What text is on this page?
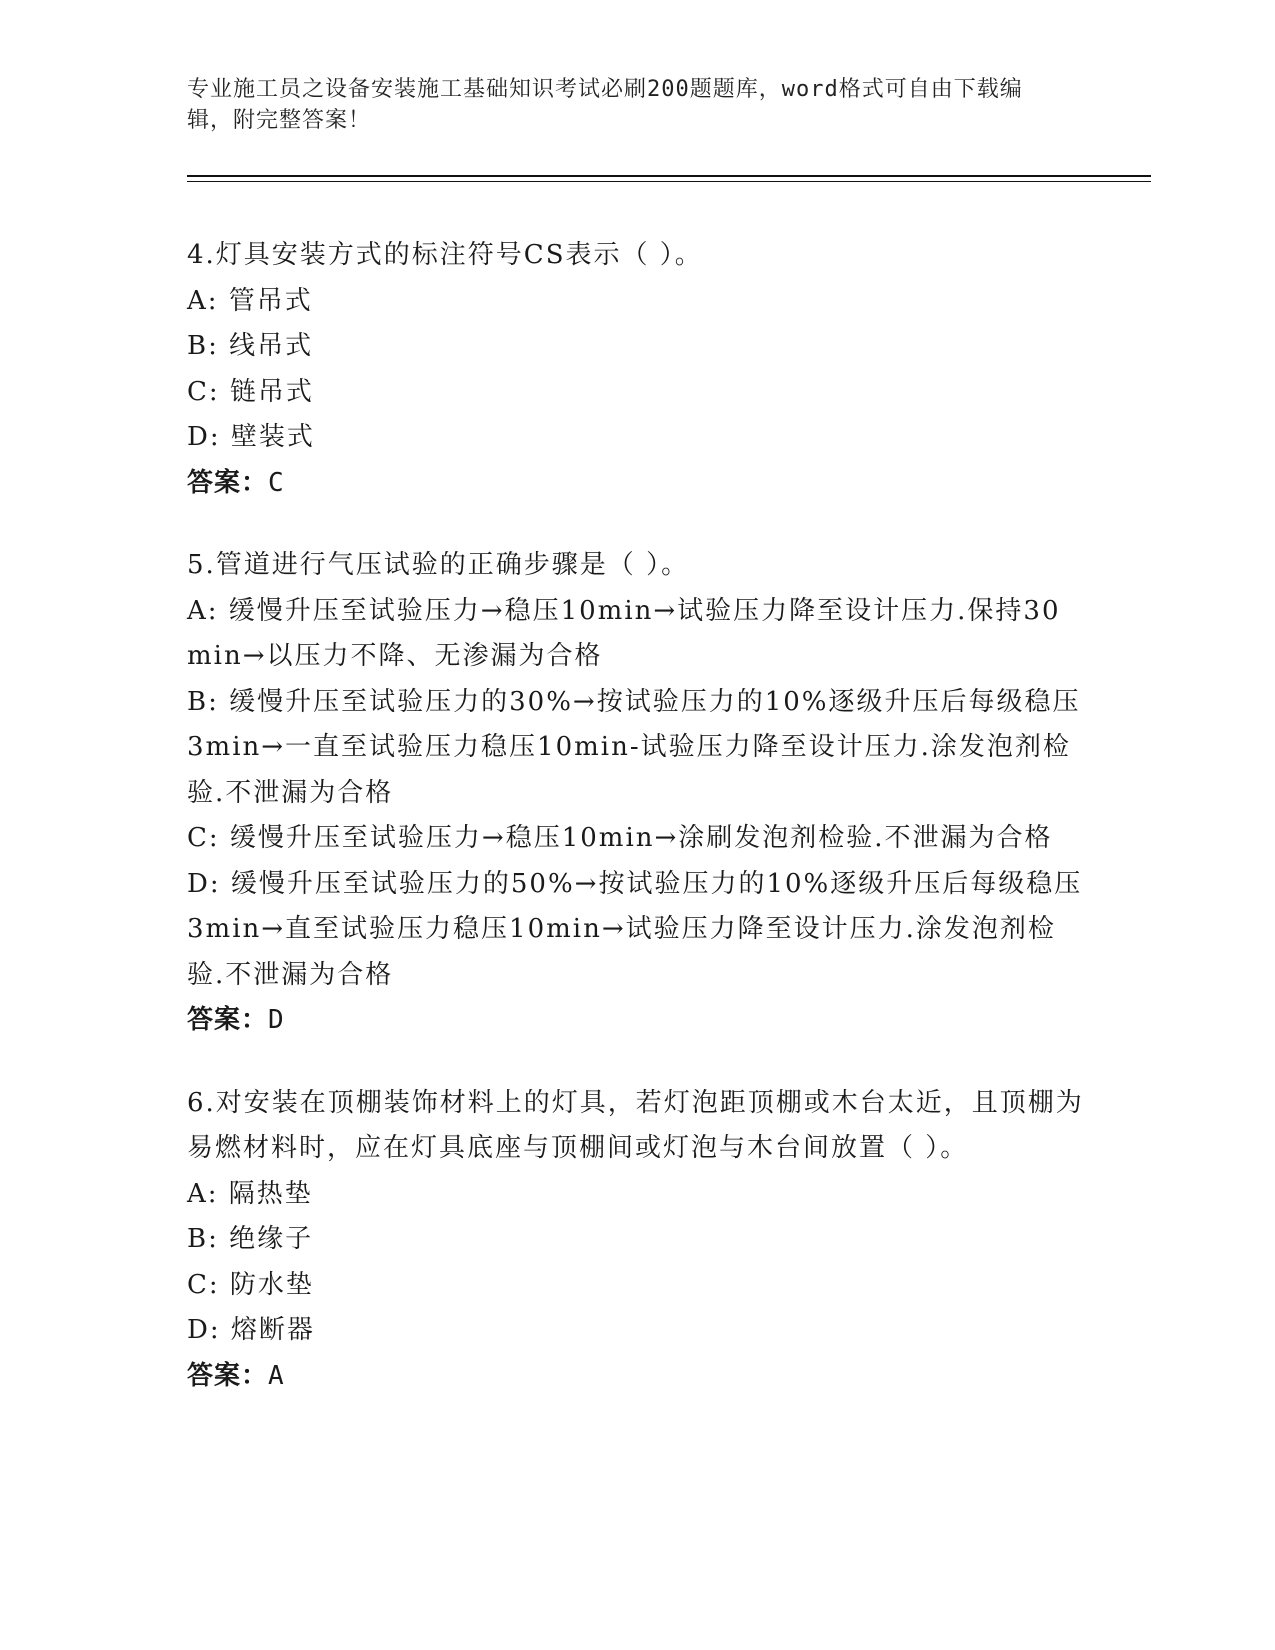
专业施工员之设备安装施工基础知识考试必刷200题题库，word格式可自由下载编辑，附完整答案！
4.灯具安装方式的标注符号CS表示（ ）。
A: 管吊式
B: 线吊式
C: 链吊式
D: 壁装式
答案：C
5.管道进行气压试验的正确步骤是（ ）。
A: 缓慢升压至试验压力→稳压10min→试验压力降至设计压力.保持30min→以压力不降、无渗漏为合格
B: 缓慢升压至试验压力的30%→按试验压力的10%逐级升压后每级稳压3min→一直至试验压力稳压10min-试验压力降至设计压力.涂发泡剂检验.不泄漏为合格
C: 缓慢升压至试验压力→稳压10min→涂刷发泡剂检验.不泄漏为合格
D: 缓慢升压至试验压力的50%→按试验压力的10%逐级升压后每级稳压3min→直至试验压力稳压10min→试验压力降至设计压力.涂发泡剂检验.不泄漏为合格
答案：D
6.对安装在顶棚装饰材料上的灯具，若灯泡距顶棚或木台太近，且顶棚为易燃材料时，应在灯具底座与顶棚间或灯泡与木台间放置（ ）。
A: 隔热垫
B: 绝缘子
C: 防水垫
D: 熔断器
答案：A
